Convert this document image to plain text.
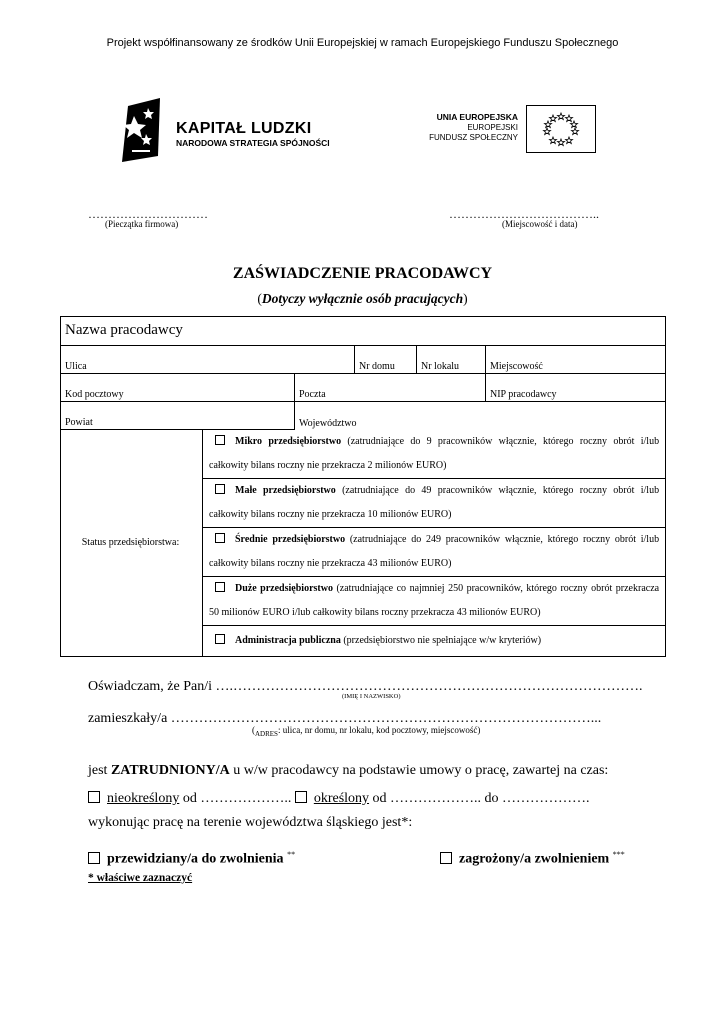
Projekt współfinansowany ze środków Unii Europejskiej w ramach Europejskiego Funduszu Społecznego
KAPITAŁ LUDZKI
NARODOWA STRATEGIA SPÓJNOŚCI
UNIA EUROPEJSKA
EUROPEJSKI
FUNDUSZ SPOŁECZNY
…………………………
(Pieczątka firmowa)
………………………………..
(Miejscowość i data)
ZAŚWIADCZENIE PRACODAWCY
(Dotyczy wyłącznie osób pracujących)
Nazwa pracodawcy					
Ulica			Nr domu	Nr lokalu	Miejscowość
Kod pocztowy		Poczta			NIP pracodawcy
Powiat		Województwo			
Status przedsiębiorstwa:	Mikro przedsiębiorstwo (zatrudniające do 9 pracowników włącznie, którego roczny obrót i/lub całkowity bilans roczny nie przekracza 2 milionów EURO)				
	Małe przedsiębiorstwo (zatrudniające do 49 pracowników włącznie, którego roczny obrót i/lub całkowity bilans roczny nie przekracza 10 milionów EURO)				
	Średnie przedsiębiorstwo (zatrudniające do 249 pracowników włącznie, którego roczny obrót i/lub całkowity bilans roczny nie przekracza 43 milionów EURO)				
	Duże przedsiębiorstwo (zatrudniające co najmniej 250 pracowników, którego roczny obrót przekracza 50 milionów EURO i/lub całkowity bilans roczny przekracza 43 milionów EURO)				
	Administracja publiczna (przedsiębiorstwo nie spełniające w/w kryteriów)				
Oświadczam, że Pan/i ….…………………………………………………………………………….
(IMIĘ I NAZWISKO)
zamieszkały/a ………………………………………………………………………………...
($_{ADRES}$: ulica, nr domu, nr lokalu, kod pocztowy, miejscowość)
jest ZATRUDNIONY/A u w/w pracodawcy na podstawie umowy o pracę, zawartej na czas:
nieokreślony od ……………….. określony od ……………….. do ……………….
wykonując pracę na terenie województwa śląskiego jest*:
przewidziany/a do zwolnienia **	zagrożony/a zwolnieniem ***
* właściwe zaznaczyć
